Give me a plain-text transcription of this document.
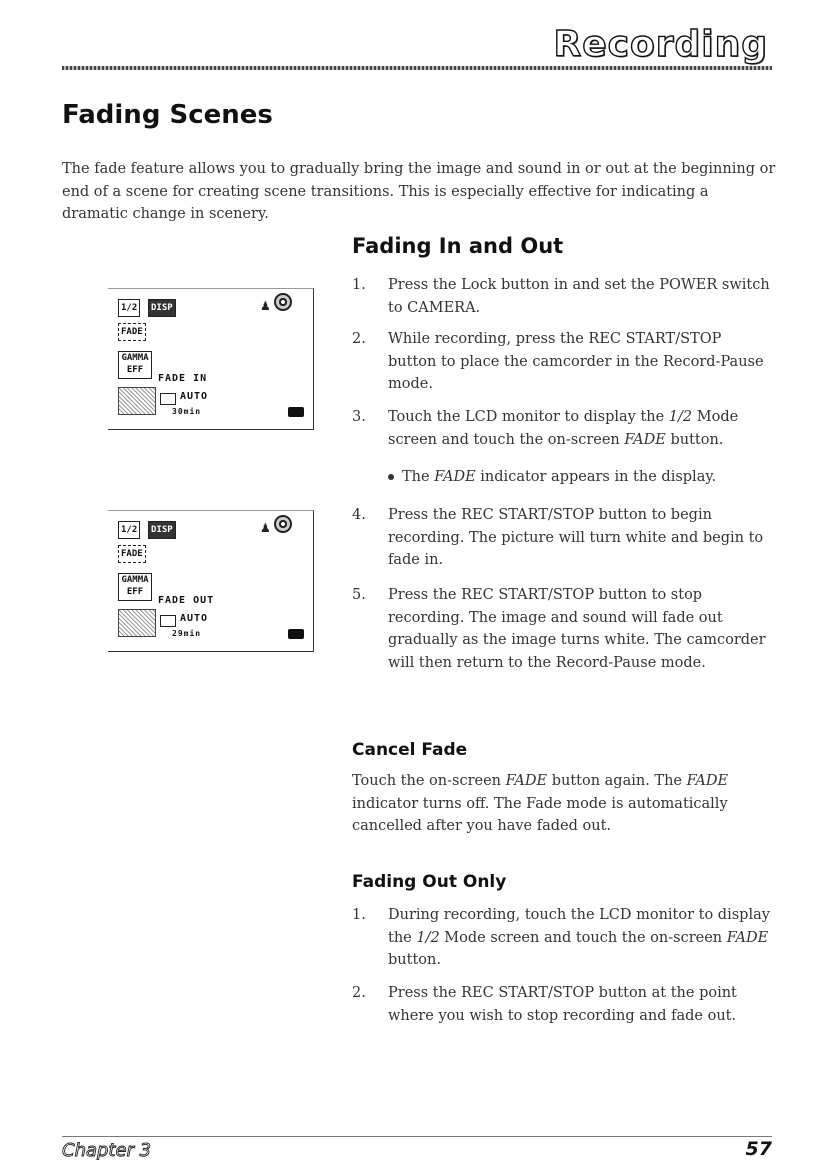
Recording
Fading Scenes
The fade feature allows you to gradually bring the image and sound in or out at the beginning or end of a scene for creating scene transitions. This is especially effective for indicating a dramatic change in scenery.
Fading In and Out
1. Press the Lock button in and set the POWER switch to CAMERA.
2. While recording, press the REC START/STOP button to place the camcorder in the Record-Pause mode.
3. Touch the LCD monitor to display the 1/2 Mode screen and touch the on-screen FADE button.
The FADE indicator appears in the display.
4. Press the REC START/STOP button to begin recording. The picture will turn white and begin to fade in.
5. Press the REC START/STOP button to stop recording. The image and sound will fade out gradually as the image turns white. The camcorder will then return to the Record-Pause mode.
1/2	DISP	♟
FADE
GAMMA EFF
FADE IN
AUTO
30min
1/2	DISP	♟
FADE
GAMMA EFF
FADE OUT
AUTO
29min
Cancel Fade
Touch the on-screen FADE button again. The FADE indicator turns off. The Fade mode is automatically cancelled after you have faded out.
Fading Out Only
1. During recording, touch the LCD monitor to display the 1/2 Mode screen and touch the on-screen FADE button.
2. Press the REC START/STOP button at the point where you wish to stop recording and fade out.
Chapter 3	57
